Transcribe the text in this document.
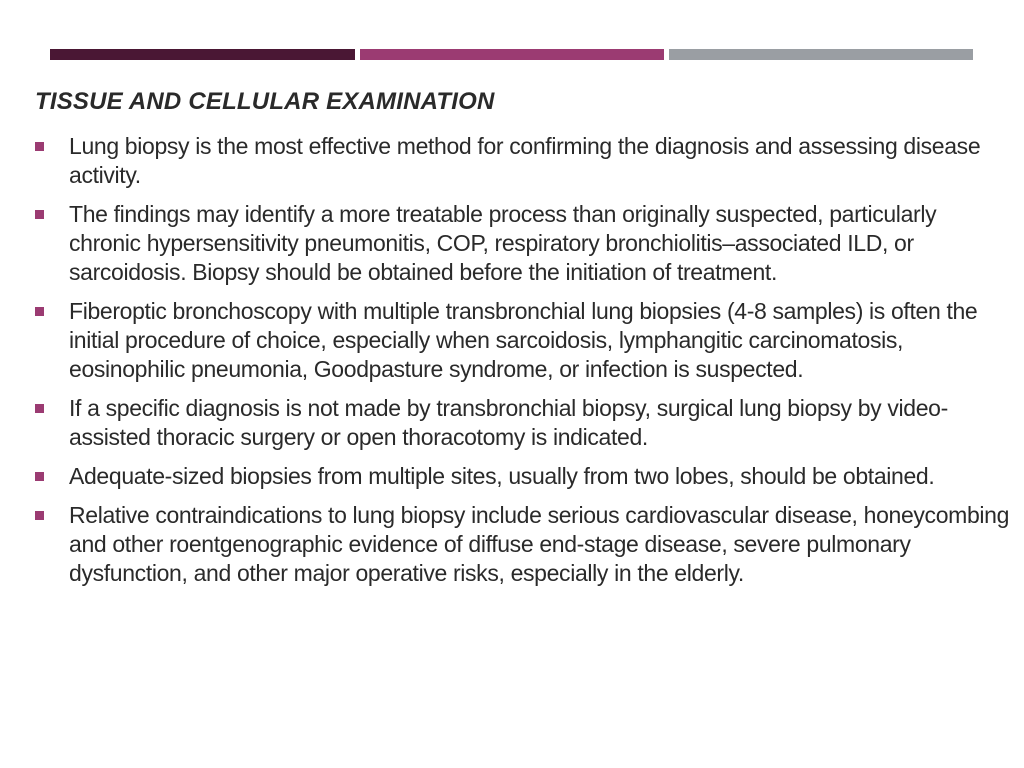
TISSUE AND CELLULAR EXAMINATION
Lung biopsy is the most effective method for confirming the diagnosis and assessing disease activity.
The findings may identify a more treatable process than originally suspected, particularly chronic hypersensitivity pneumonitis, COP, respiratory bronchiolitis–associated ILD, or sarcoidosis. Biopsy should be obtained before the initiation of treatment.
Fiberoptic bronchoscopy with multiple transbronchial lung biopsies (4-8 samples) is often the initial procedure of choice, especially when sarcoidosis, lymphangitic carcinomatosis, eosinophilic pneumonia, Goodpasture syndrome, or infection is suspected.
If a specific diagnosis is not made by transbronchial biopsy, surgical lung biopsy by video-assisted thoracic surgery or open thoracotomy is indicated.
Adequate-sized biopsies from multiple sites, usually from two lobes, should be obtained.
Relative contraindications to lung biopsy include serious cardiovascular disease, honeycombing and other roentgenographic evidence of diffuse end-stage disease, severe pulmonary dysfunction, and other major operative risks, especially in the elderly.
